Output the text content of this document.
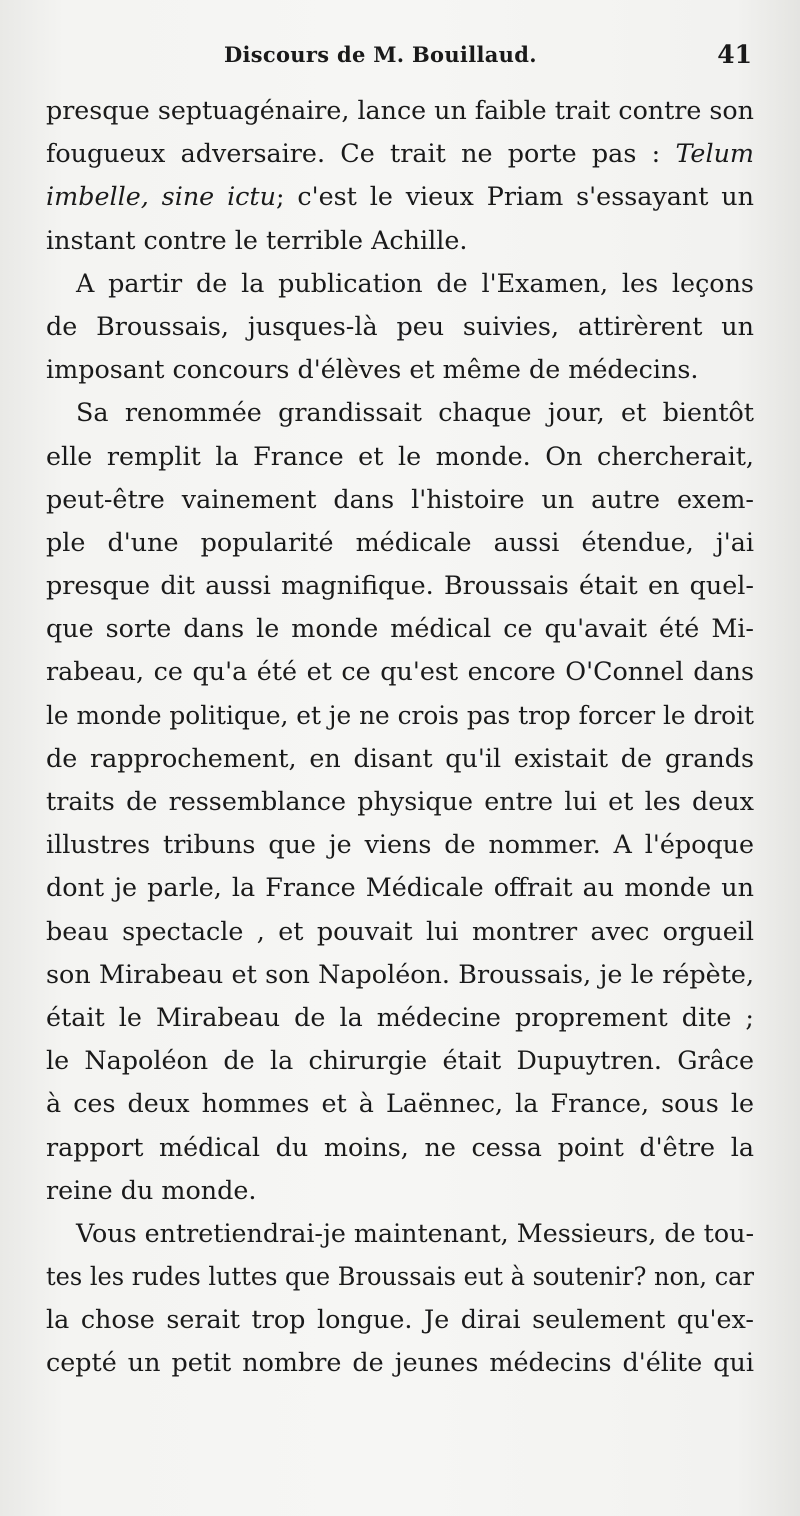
Discours de M. Bouillaud.	41
presque septuagénaire, lance un faible trait contre son
fougueux adversaire. Ce trait ne porte pas : Telum
imbelle, sine ictu; c'est le vieux Priam s'essayant un
instant contre le terrible Achille.
A partir de la publication de l'Examen, les leçons
de Broussais, jusques-là peu suivies, attirèrent un
imposant concours d'élèves et même de médecins.
Sa renommée grandissait chaque jour, et bientôt
elle remplit la France et le monde. On chercherait,
peut-être vainement dans l'histoire un autre exem-
ple d'une popularité médicale aussi étendue, j'ai
presque dit aussi magnifique. Broussais était en quel-
que sorte dans le monde médical ce qu'avait été Mi-
rabeau, ce qu'a été et ce qu'est encore O'Connel dans
le monde politique, et je ne crois pas trop forcer le droit
de rapprochement, en disant qu'il existait de grands
traits de ressemblance physique entre lui et les deux
illustres tribuns que je viens de nommer. A l'époque
dont je parle, la France Médicale offrait au monde un
beau spectacle , et pouvait lui montrer avec orgueil
son Mirabeau et son Napoléon. Broussais, je le répète,
était le Mirabeau de la médecine proprement dite ;
le Napoléon de la chirurgie était Dupuytren. Grâce
à ces deux hommes et à Laënnec, la France, sous le
rapport médical du moins, ne cessa point d'être la
reine du monde.
Vous entretiendrai-je maintenant, Messieurs, de tou-
tes les rudes luttes que Broussais eut à soutenir? non, car
la chose serait trop longue. Je dirai seulement qu'ex-
cepté un petit nombre de jeunes médecins d'élite qui
